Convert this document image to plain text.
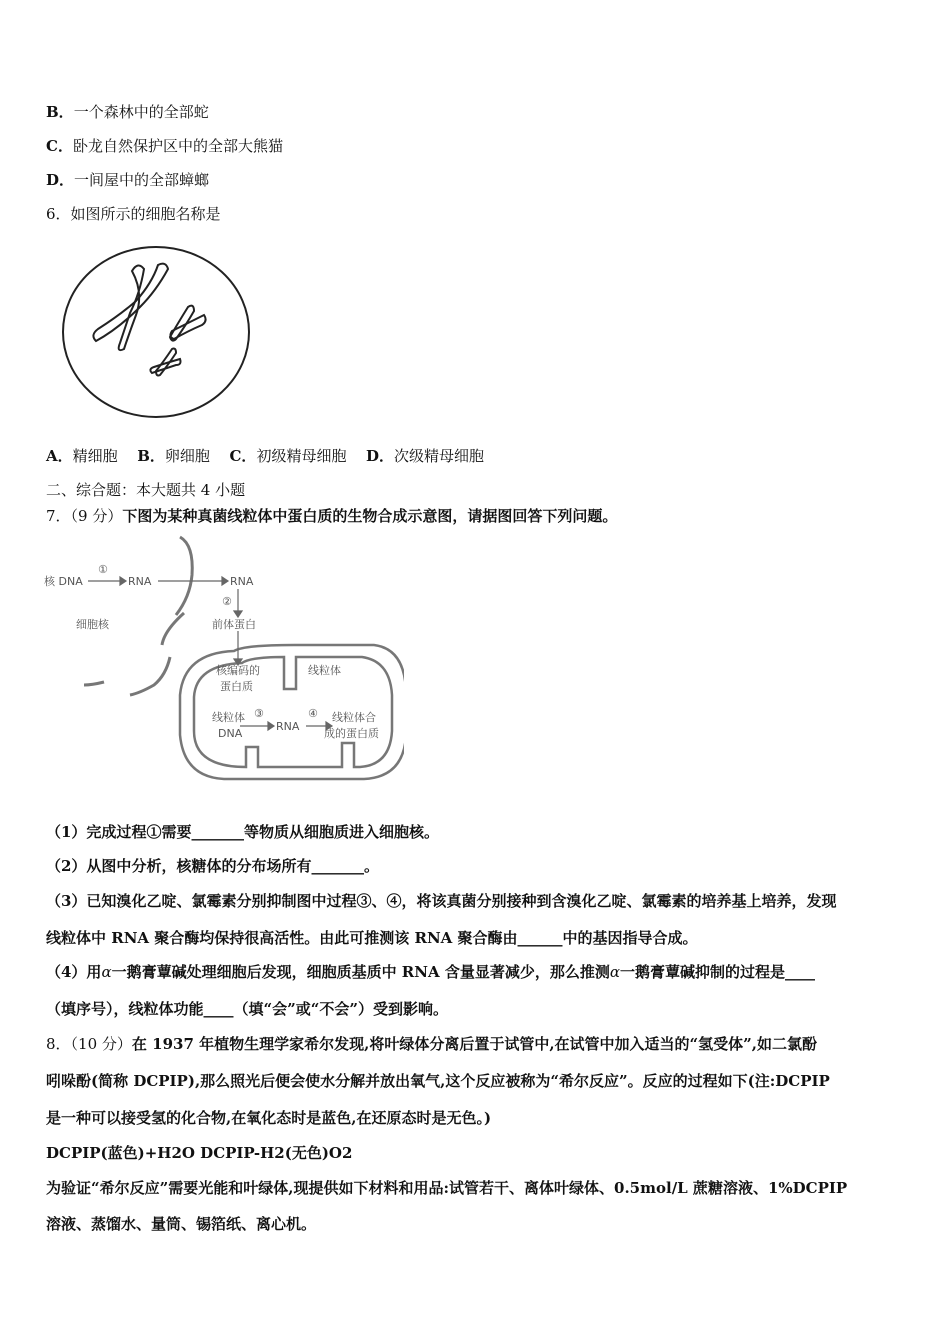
B．一个森林中的全部蛇
C．卧龙自然保护区中的全部大熊猫
D．一间屋中的全部蟑螂
6．如图所示的细胞名称是
A．精细胞 B．卵细胞 C．初级精母细胞 D．次级精母细胞
二、综合题：本大题共 4 小题
7．（9 分）下图为某种真菌线粒体中蛋白质的生物合成示意图，请据图回答下列问题。
核 DNA
①
RNA	RNA
②
前体蛋白
细胞核
核编码的
蛋白质
线粒体
线粒体
DNA
③
RNA
④ 线粒体合
成的蛋白质
（1）完成过程①需要_______等物质从细胞质进入细胞核。
（2）从图中分析，核糖体的分布场所有_______。
（3）已知溴化乙啶、氯霉素分别抑制图中过程③、④，将该真菌分别接种到含溴化乙啶、氯霉素的培养基上培养，发现
线粒体中 RNA 聚合酶均保持很高活性。由此可推测该 RNA 聚合酶由______中的基因指导合成。
（4）用α一鹅膏蕈碱处理细胞后发现，细胞质基质中 RNA 含量显著减少，那么推测α一鹅膏蕈碱抑制的过程是____
（填序号），线粒体功能____（填“会”或“不会”）受到影响。
8．（10 分）在 1937 年植物生理学家希尔发现,将叶绿体分离后置于试管中,在试管中加入适当的“氢受体”,如二氯酚
吲哚酚(简称 DCPIP),那么照光后便会使水分解并放出氧气,这个反应被称为“希尔反应”。反应的过程如下(注:DCPIP
是一种可以接受氢的化合物,在氧化态时是蓝色,在还原态时是无色。)
DCPIP(蓝色)+H2O DCPIP-H2(无色)O2
为验证“希尔反应”需要光能和叶绿体,现提供如下材料和用品:试管若干、离体叶绿体、0.5mol/L 蔗糖溶液、1%DCPIP
溶液、蒸馏水、量筒、锡箔纸、离心机。
